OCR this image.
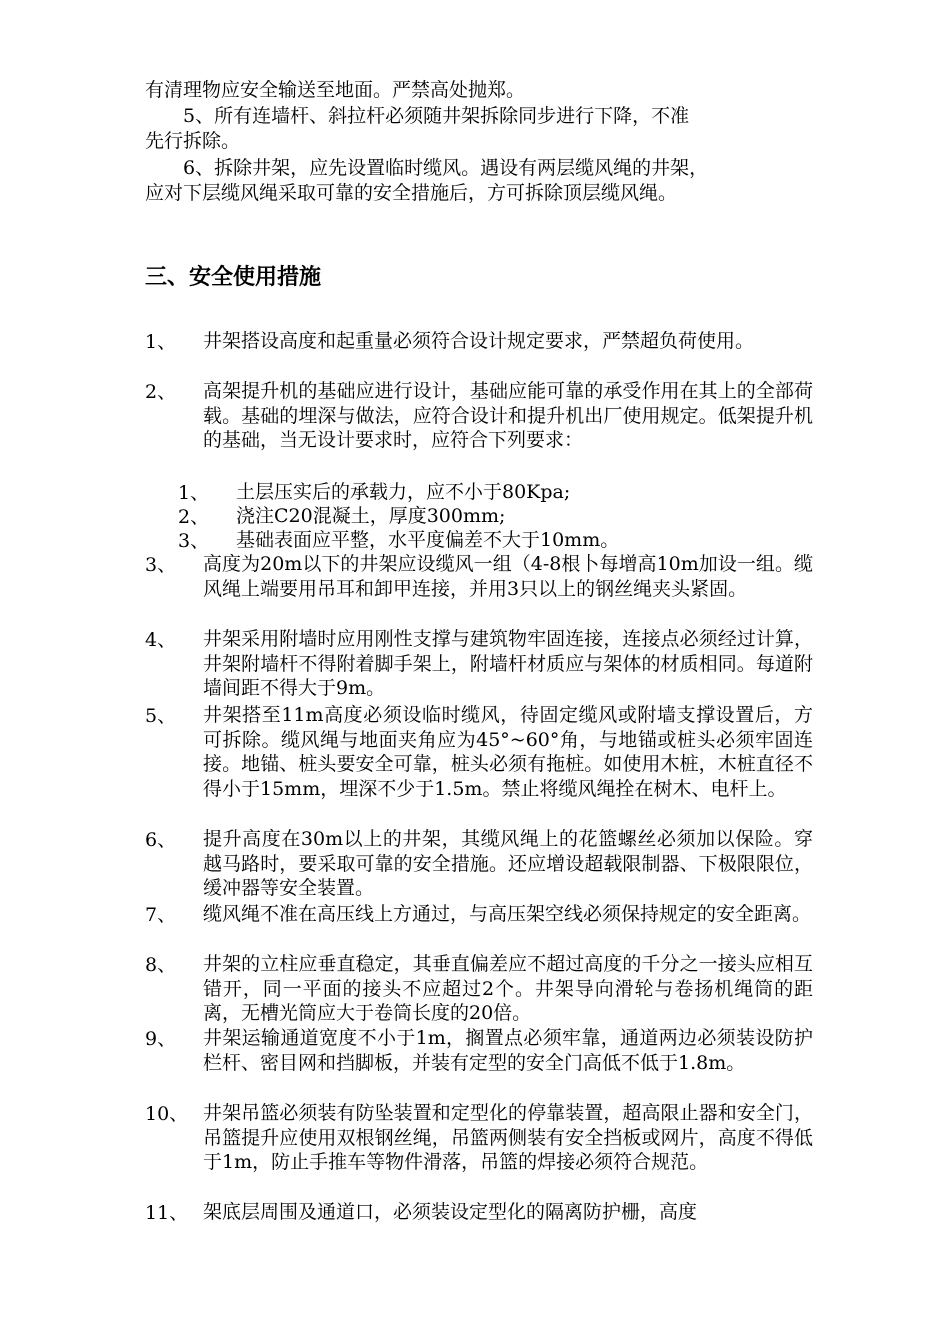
有清理物应安全输送至地面。严禁高处抛郑。
5、所有连墙杆、斜拉杆必须随井架拆除同步进行下降，不准
先行拆除。
6、拆除井架，应先设置临时缆风。遇设有两层缆风绳的井架，
应对下层缆风绳采取可靠的安全措施后，方可拆除顶层缆风绳。
三、安全使用措施
1、 井架搭设高度和起重量必须符合设计规定要求，严禁超负荷使用。
2、 高架提升机的基础应进行设计，基础应能可靠的承受作用在其上的全部荷载。基础的埋深与做法，应符合设计和提升机出厂使用规定。低架提升机的基础，当无设计要求时，应符合下列要求：
1、 土层压实后的承载力，应不小于80Kpa;
2、 浇注C20混凝土，厚度300mm;
3、 基础表面应平整，水平度偏差不大于10mm。
3、 高度为20m以下的井架应设缆风一组（4-8根卜每增高10m加设一组。缆风绳上端要用吊耳和卸甲连接，并用3只以上的钢丝绳夹头紧固。
4、 井架采用附墙时应用刚性支撑与建筑物牢固连接，连接点必须经过计算，井架附墙杆不得附着脚手架上，附墙杆材质应与架体的材质相同。每道附墙间距不得大于9m。
5、 井架搭至11m高度必须设临时缆风，待固定缆风或附墙支撑设置后，方可拆除。缆风绳与地面夹角应为45°~60°角，与地锚或桩头必须牢固连接。地锚、桩头要安全可靠，桩头必须有拖桩。如使用木桩，木桩直径不得小于15mm，埋深不少于1.5m。禁止将缆风绳拴在树木、电杆上。
6、 提升高度在30m以上的井架，其缆风绳上的花篮螺丝必须加以保险。穿越马路时，要采取可靠的安全措施。还应增设超载限制器、下极限限位，缓冲器等安全装置。
7、 缆风绳不准在高压线上方通过，与高压架空线必须保持规定的安全距离。
8、 井架的立柱应垂直稳定，其垂直偏差应不超过高度的千分之一接头应相互错开，同一平面的接头不应超过2个。井架导向滑轮与卷扬机绳筒的距离，无槽光筒应大于卷筒长度的20倍。
9、 井架运输通道宽度不小于1m，搁置点必须牢靠，通道两边必须装设防护栏杆、密目网和挡脚板，并装有定型的安全门高低不低于1.8m。
10、 井架吊篮必须装有防坠装置和定型化的停靠装置，超高限止器和安全门，吊篮提升应使用双根钢丝绳，吊篮两侧装有安全挡板或网片，高度不得低于1m，防止手推车等物件滑落，吊篮的焊接必须符合规范。
11、 架底层周围及通道口，必须装设定型化的隔离防护栅，高度
